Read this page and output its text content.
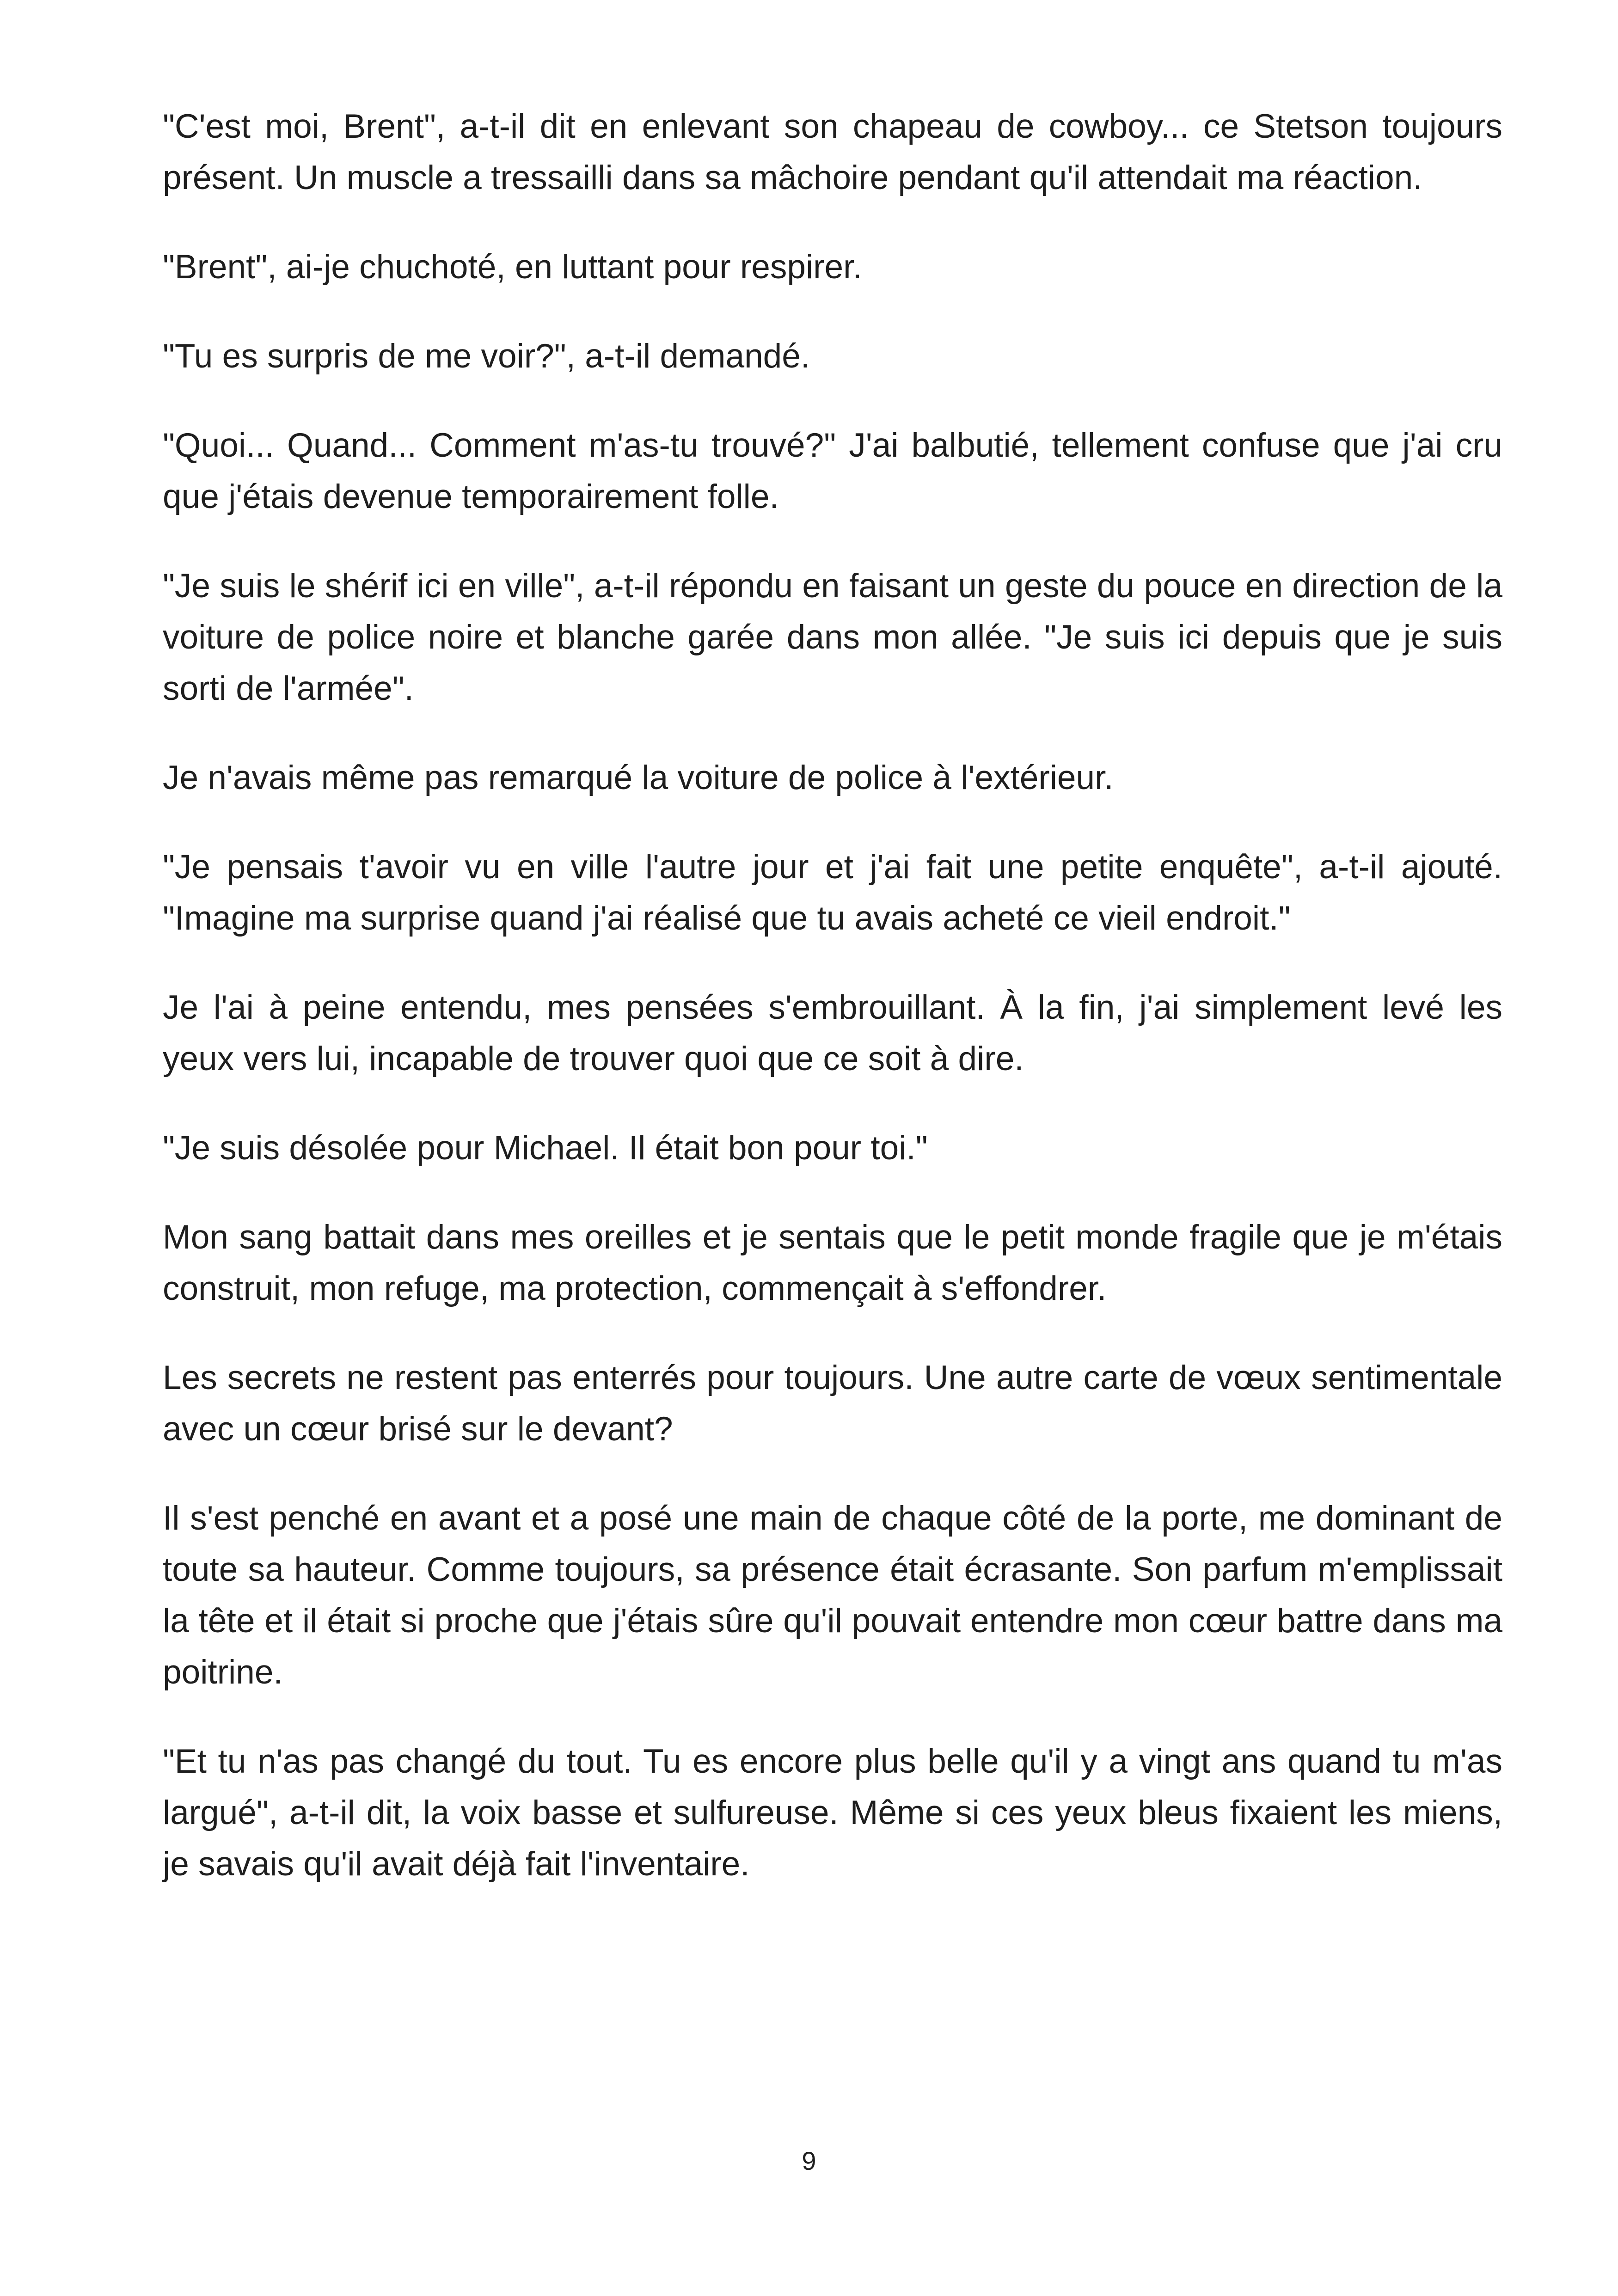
"C'est moi, Brent", a-t-il dit en enlevant son chapeau de cowboy... ce Stetson toujours présent. Un muscle a tressailli dans sa mâchoire pendant qu'il attendait ma réaction.

"Brent", ai-je chuchoté, en luttant pour respirer.

"Tu es surpris de me voir?", a-t-il demandé.

"Quoi... Quand... Comment m'as-tu trouvé?" J'ai balbutié, tellement confuse que j'ai cru que j'étais devenue temporairement folle.

"Je suis le shérif ici en ville", a-t-il répondu en faisant un geste du pouce en direction de la voiture de police noire et blanche garée dans mon allée. "Je suis ici depuis que je suis sorti de l'armée".

Je n'avais même pas remarqué la voiture de police à l'extérieur.

"Je pensais t'avoir vu en ville l'autre jour et j'ai fait une petite enquête", a-t-il ajouté. "Imagine ma surprise quand j'ai réalisé que tu avais acheté ce vieil endroit."

Je l'ai à peine entendu, mes pensées s'embrouillant. À la fin, j'ai simplement levé les yeux vers lui, incapable de trouver quoi que ce soit à dire.

"Je suis désolée pour Michael. Il était bon pour toi."

Mon sang battait dans mes oreilles et je sentais que le petit monde fragile que je m'étais construit, mon refuge, ma protection, commençait à s'effondrer.

Les secrets ne restent pas enterrés pour toujours. Une autre carte de vœux sentimentale avec un cœur brisé sur le devant?

Il s'est penché en avant et a posé une main de chaque côté de la porte, me dominant de toute sa hauteur. Comme toujours, sa présence était écrasante. Son parfum m'emplissait la tête et il était si proche que j'étais sûre qu'il pouvait entendre mon cœur battre dans ma poitrine.

"Et tu n'as pas changé du tout. Tu es encore plus belle qu'il y a vingt ans quand tu m'as largué", a-t-il dit, la voix basse et sulfureuse. Même si ces yeux bleus fixaient les miens, je savais qu'il avait déjà fait l'inventaire.

9
